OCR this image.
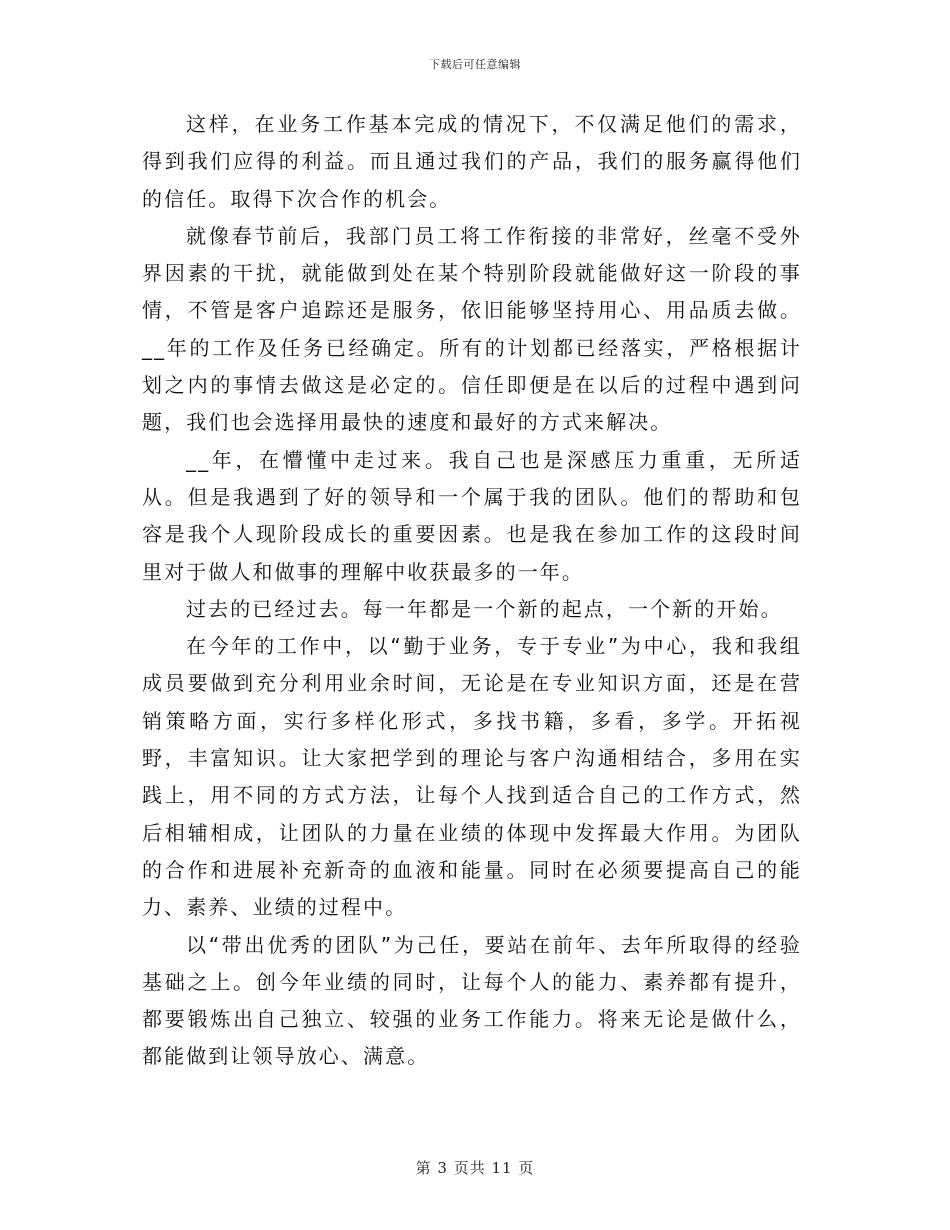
下载后可任意编辑

这样，在业务工作基本完成的情况下，不仅满足他们的需求，得到我们应得的利益。而且通过我们的产品，我们的服务赢得他们的信任。取得下次合作的机会。

就像春节前后，我部门员工将工作衔接的非常好，丝毫不受外界因素的干扰，就能做到处在某个特别阶段就能做好这一阶段的事情，不管是客户追踪还是服务，依旧能够坚持用心、用品质去做。__年的工作及任务已经确定。所有的计划都已经落实，严格根据计划之内的事情去做这是必定的。信任即便是在以后的过程中遇到问题，我们也会选择用最快的速度和最好的方式来解决。

__年，在懵懂中走过来。我自己也是深感压力重重，无所适从。但是我遇到了好的领导和一个属于我的团队。他们的帮助和包容是我个人现阶段成长的重要因素。也是我在参加工作的这段时间里对于做人和做事的理解中收获最多的一年。

过去的已经过去。每一年都是一个新的起点，一个新的开始。

在今年的工作中，以“勤于业务，专于专业”为中心，我和我组成员要做到充分利用业余时间，无论是在专业知识方面，还是在营销策略方面，实行多样化形式，多找书籍，多看，多学。开拓视野，丰富知识。让大家把学到的理论与客户沟通相结合，多用在实践上，用不同的方式方法，让每个人找到适合自己的工作方式，然后相辅相成，让团队的力量在业绩的体现中发挥最大作用。为团队的合作和进展补充新奇的血液和能量。同时在必须要提高自己的能力、素养、业绩的过程中。

以“带出优秀的团队”为己任，要站在前年、去年所取得的经验基础之上。创今年业绩的同时，让每个人的能力、素养都有提升，都要锻炼出自己独立、较强的业务工作能力。将来无论是做什么，都能做到让领导放心、满意。

第 3 页共 11 页
